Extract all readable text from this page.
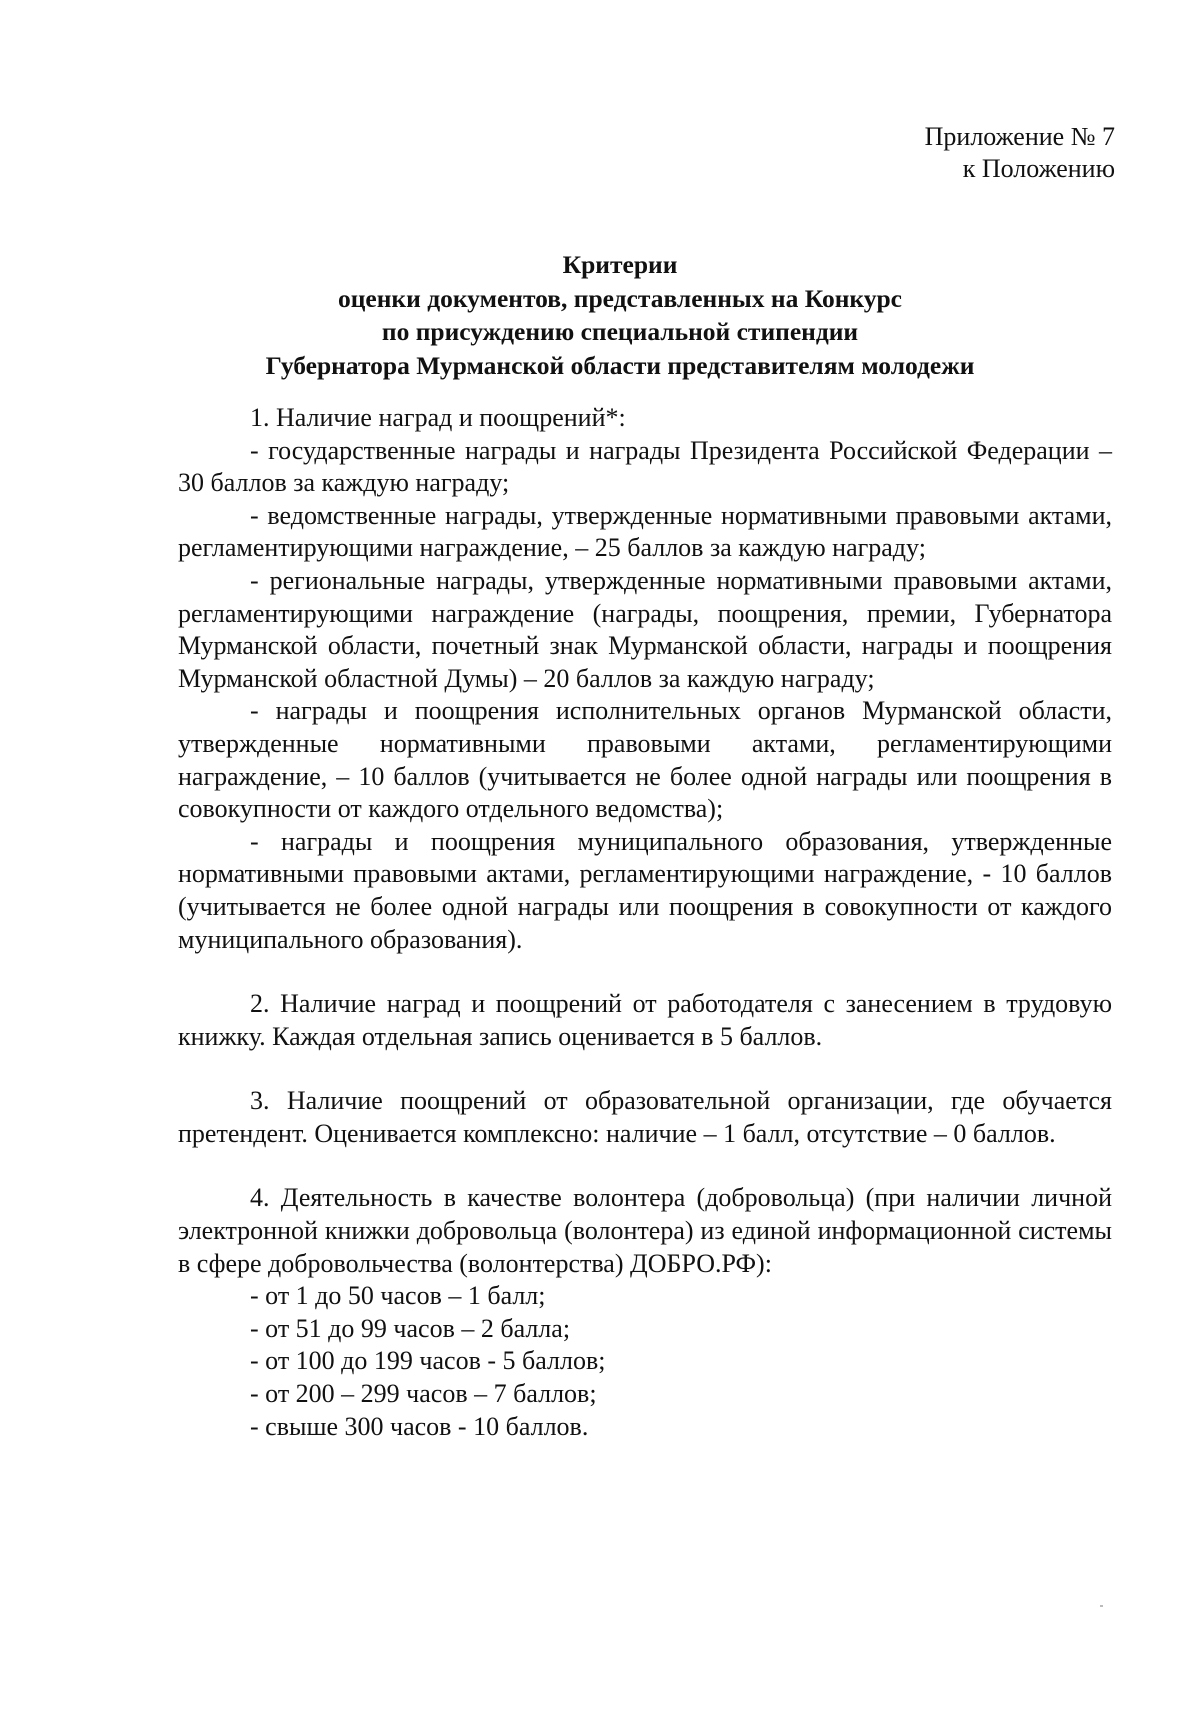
Приложение № 7
к Положению
Критерии
оценки документов, представленных на Конкурс
по присуждению специальной стипендии
Губернатора Мурманской области представителям молодежи

1. Наличие наград и поощрений*:

- государственные награды и награды Президента Российской Федерации – 30 баллов за каждую награду;

- ведомственные награды, утвержденные нормативными правовыми актами, регламентирующими награждение, – 25 баллов за каждую награду;

- региональные награды, утвержденные нормативными правовыми актами, регламентирующими награждение (награды, поощрения, премии, Губернатора Мурманской области, почетный знак Мурманской области, награды и поощрения Мурманской областной Думы) – 20 баллов за каждую награду;

- награды и поощрения исполнительных органов Мурманской области, утвержденные нормативными правовыми актами, регламентирующими награждение, – 10 баллов (учитывается не более одной награды или поощрения в совокупности от каждого отдельного ведомства);

- награды и поощрения муниципального образования, утвержденные нормативными правовыми актами, регламентирующими награждение, - 10 баллов (учитывается не более одной награды или поощрения в совокупности от каждого муниципального образования).

2. Наличие наград и поощрений от работодателя с занесением в трудовую книжку. Каждая отдельная запись оценивается в 5 баллов.

3. Наличие поощрений от образовательной организации, где обучается претендент. Оценивается комплексно: наличие – 1 балл, отсутствие – 0 баллов.

4. Деятельность в качестве волонтера (добровольца) (при наличии личной электронной книжки добровольца (волонтера) из единой информационной системы в сфере добровольчества (волонтерства) ДОБРО.РФ):

- от 1 до 50 часов – 1 балл;
- от 51 до 99 часов – 2 балла;
- от 100 до 199 часов - 5 баллов;
- от 200 – 299 часов – 7 баллов;
- свыше 300 часов - 10 баллов.
